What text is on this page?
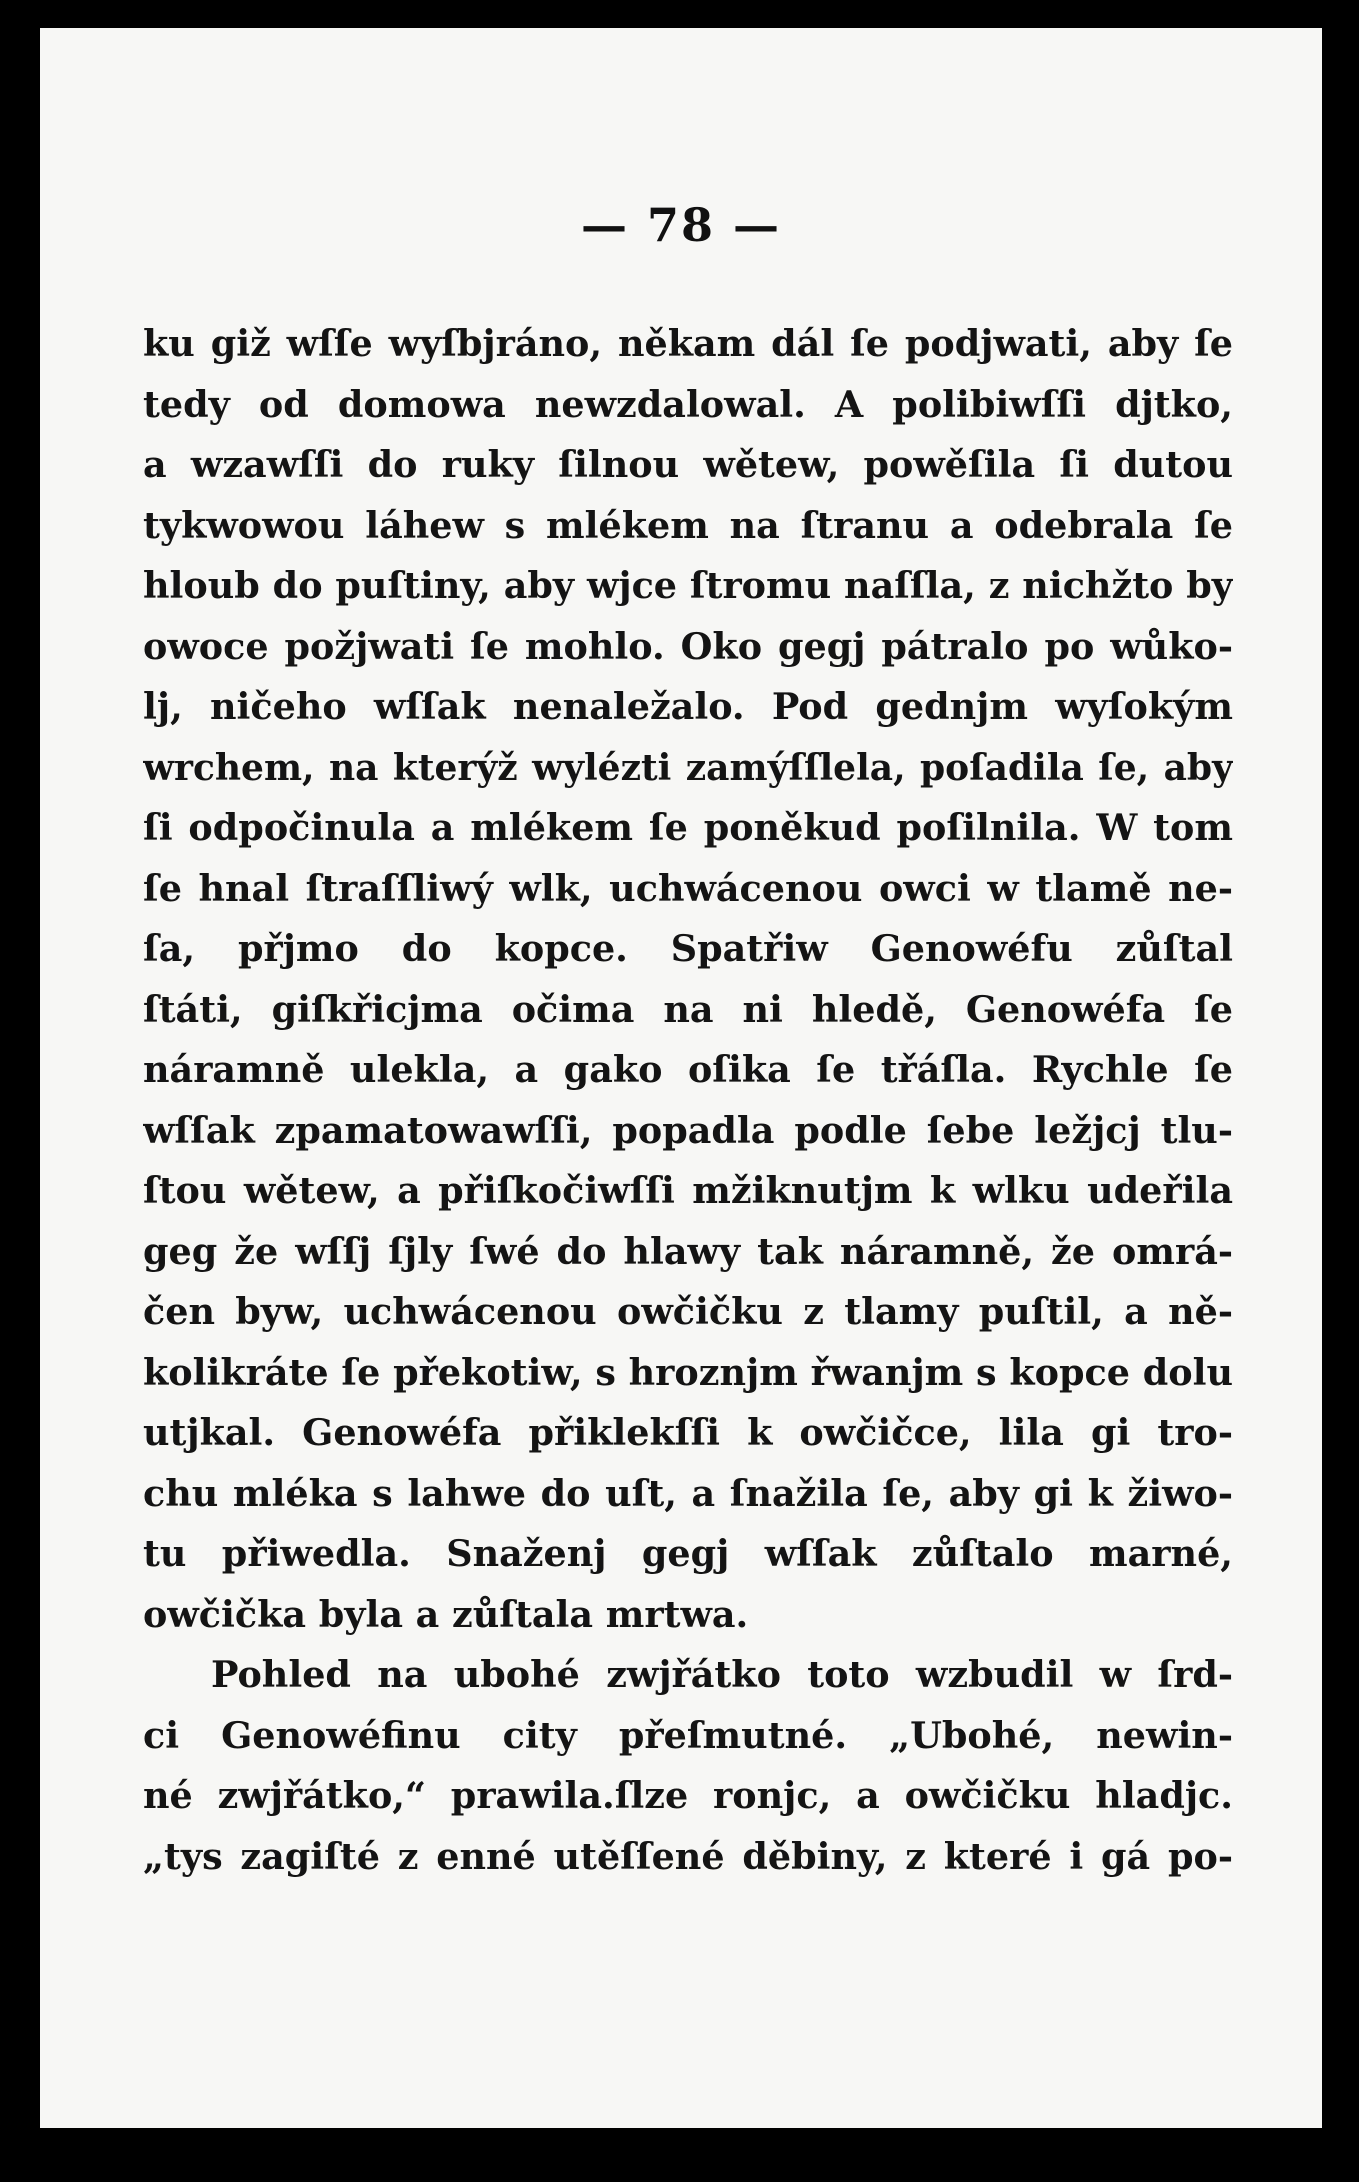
— 78 —
ku giž wſſe wyſbjráno, někam dál ſe podjwati, aby ſe
tedy od domowa newzdalowal. A polibiwſſi djtko,
a wzawſſi do ruky ſilnou wětew, powěſila ſi dutou
tykwowou láhew s mlékem na ſtranu a odebrala ſe
hloub do puſtiny, aby wjce ſtromu naſſla, z nichžto by
owoce požjwati ſe mohlo. Oko gegj pátralo po wůko-
lj, ničeho wſſak nenaležalo. Pod gednjm wyſokým
wrchem, na kterýž wylézti zamýſſlela, poſadila ſe, aby
ſi odpočinula a mlékem ſe poněkud poſilnila. W tom
ſe hnal ſtraſſliwý wlk, uchwácenou owci w tlamě ne-
ſa, přjmo do kopce. Spatřiw Genowéfu zůſtal
ſtáti, giſkřicjma očima na ni hledě, Genowéfa ſe
náramně ulekla, a gako oſika ſe třáſla. Rychle ſe
wſſak zpamatowawſſi, popadla podle ſebe ležjcj tlu-
ſtou wětew, a přiſkočiwſſi mžiknutjm k wlku udeřila
geg že wſſj ſjly ſwé do hlawy tak náramně, že omrá-
čen byw, uchwácenou owčičku z tlamy puſtil, a ně-
kolikráte ſe překotiw, s hroznjm řwanjm s kopce dolu
utjkal. Genowéfa přiklekſſi k owčičce, lila gi tro-
chu mléka s lahwe do uſt, a ſnažila ſe, aby gi k žiwo-
tu přiwedla. Snaženj gegj wſſak zůſtalo marné,
owčička byla a zůſtala mrtwa.
Pohled na ubohé zwjřátko toto wzbudil w ſrd-
ci Genowéfinu city přeſmutné. „Ubohé, newin-
né zwjřátko,“ prawila.ſlze ronjc, a owčičku hladjc.
„tys zagiſté z enné utěſſené děbiny, z které i gá po-
